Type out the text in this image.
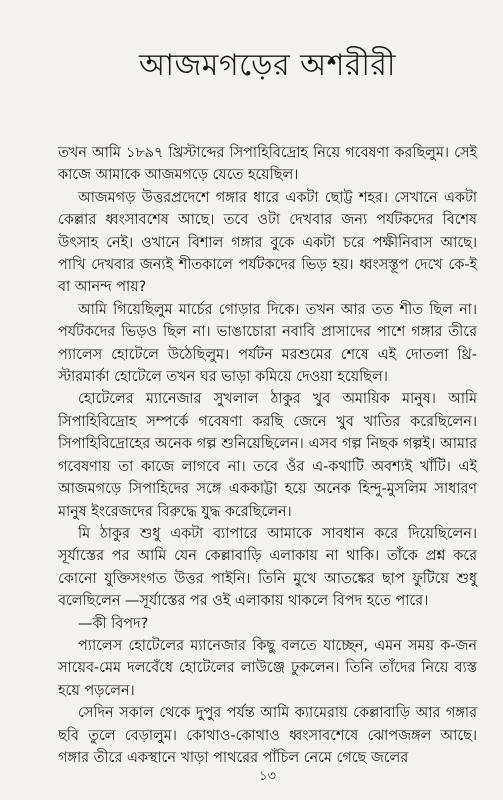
আজমগড়ের অশরীরী

তখন আমি ১৮৯৭ খ্রিস্টাব্দের সিপাহিবিদ্রোহ নিয়ে গবেষণা করছিলুম। সেই কাজে আমাকে আজমগড়ে যেতে হয়েছিল।

আজমগড় উত্তরপ্রদেশে গঙ্গার ধারে একটা ছোট্ট শহর। সেখানে একটা কেল্লার ধ্বংসাবশেষ আছে। তবে ওটা দেখবার জন্য পর্যটকদের বিশেষ উৎসাহ নেই। ওখানে বিশাল গঙ্গার বুকে একটা চরে পক্ষীনিবাস আছে। পাখি দেখবার জন্যই শীতকালে পর্যটকদের ভিড় হয়। ধ্বংসস্তূপ দেখে কে-ই বা আনন্দ পায়?

আমি গিয়েছিলুম মার্চের গোড়ার দিকে। তখন আর তত শীত ছিল না। পর্যটকদের ভিড়ও ছিল না। ভাঙাচোরা নবাবি প্রাসাদের পাশে গঙ্গার তীরে প্যালেস হোটেলে উঠেছিলুম। পর্যটন মরশুমের শেষে এই দোতলা থ্রি-স্টারমার্কা হোটেলে তখন ঘর ভাড়া কমিয়ে দেওয়া হয়েছিল।

হোটেলের ম্যানেজার সুখলাল ঠাকুর খুব অমায়িক মানুষ। আমি সিপাহিবিদ্রোহ সম্পর্কে গবেষণা করছি জেনে খুব খাতির করেছিলেন। সিপাহিবিদ্রোহের অনেক গল্প শুনিয়েছিলেন। এসব গল্প নিছক গল্পই। আমার গবেষণায় তা কাজে লাগবে না। তবে ওঁর এ-কথাটি অবশ্যই খাঁটি। এই আজমগড়ে সিপাহিদের সঙ্গে এককাট্টা হয়ে অনেক হিন্দু-মুসলিম সাধারণ মানুষ ইংরেজদের বিরুদ্ধে যুদ্ধ করেছিলেন।

মি ঠাকুর শুধু একটা ব্যাপারে আমাকে সাবধান করে দিয়েছিলেন। সূর্যাস্তের পর আমি যেন কেল্লাবাড়ি এলাকায় না থাকি। তাঁকে প্রশ্ন করে কোনো যুক্তিসংগত উত্তর পাইনি। তিনি মুখে আতঙ্কের ছাপ ফুটিয়ে শুধু বলেছিলেন —সূর্যাস্তের পর ওই এলাকায় থাকলে বিপদ হতে পারে।

—কী বিপদ?

প্যালেস হোটেলের ম্যানেজার কিছু বলতে যাচ্ছেন, এমন সময় ক-জন সায়েব-মেম দলবেঁধে হোটেলের লাউঞ্জে ঢুকলেন। তিনি তাঁদের নিয়ে ব্যস্ত হয়ে পড়লেন।

সেদিন সকাল থেকে দুপুর পর্যন্ত আমি ক্যামেরায় কেল্লাবাড়ি আর গঙ্গার ছবি তুলে বেড়ালুম। কোথাও-কোথাও ধ্বংসাবশেষে ঝোপজঙ্গল আছে। গঙ্গার তীরে একস্থানে খাড়া পাথরের পাঁচিল নেমে গেছে জলের

১৩
